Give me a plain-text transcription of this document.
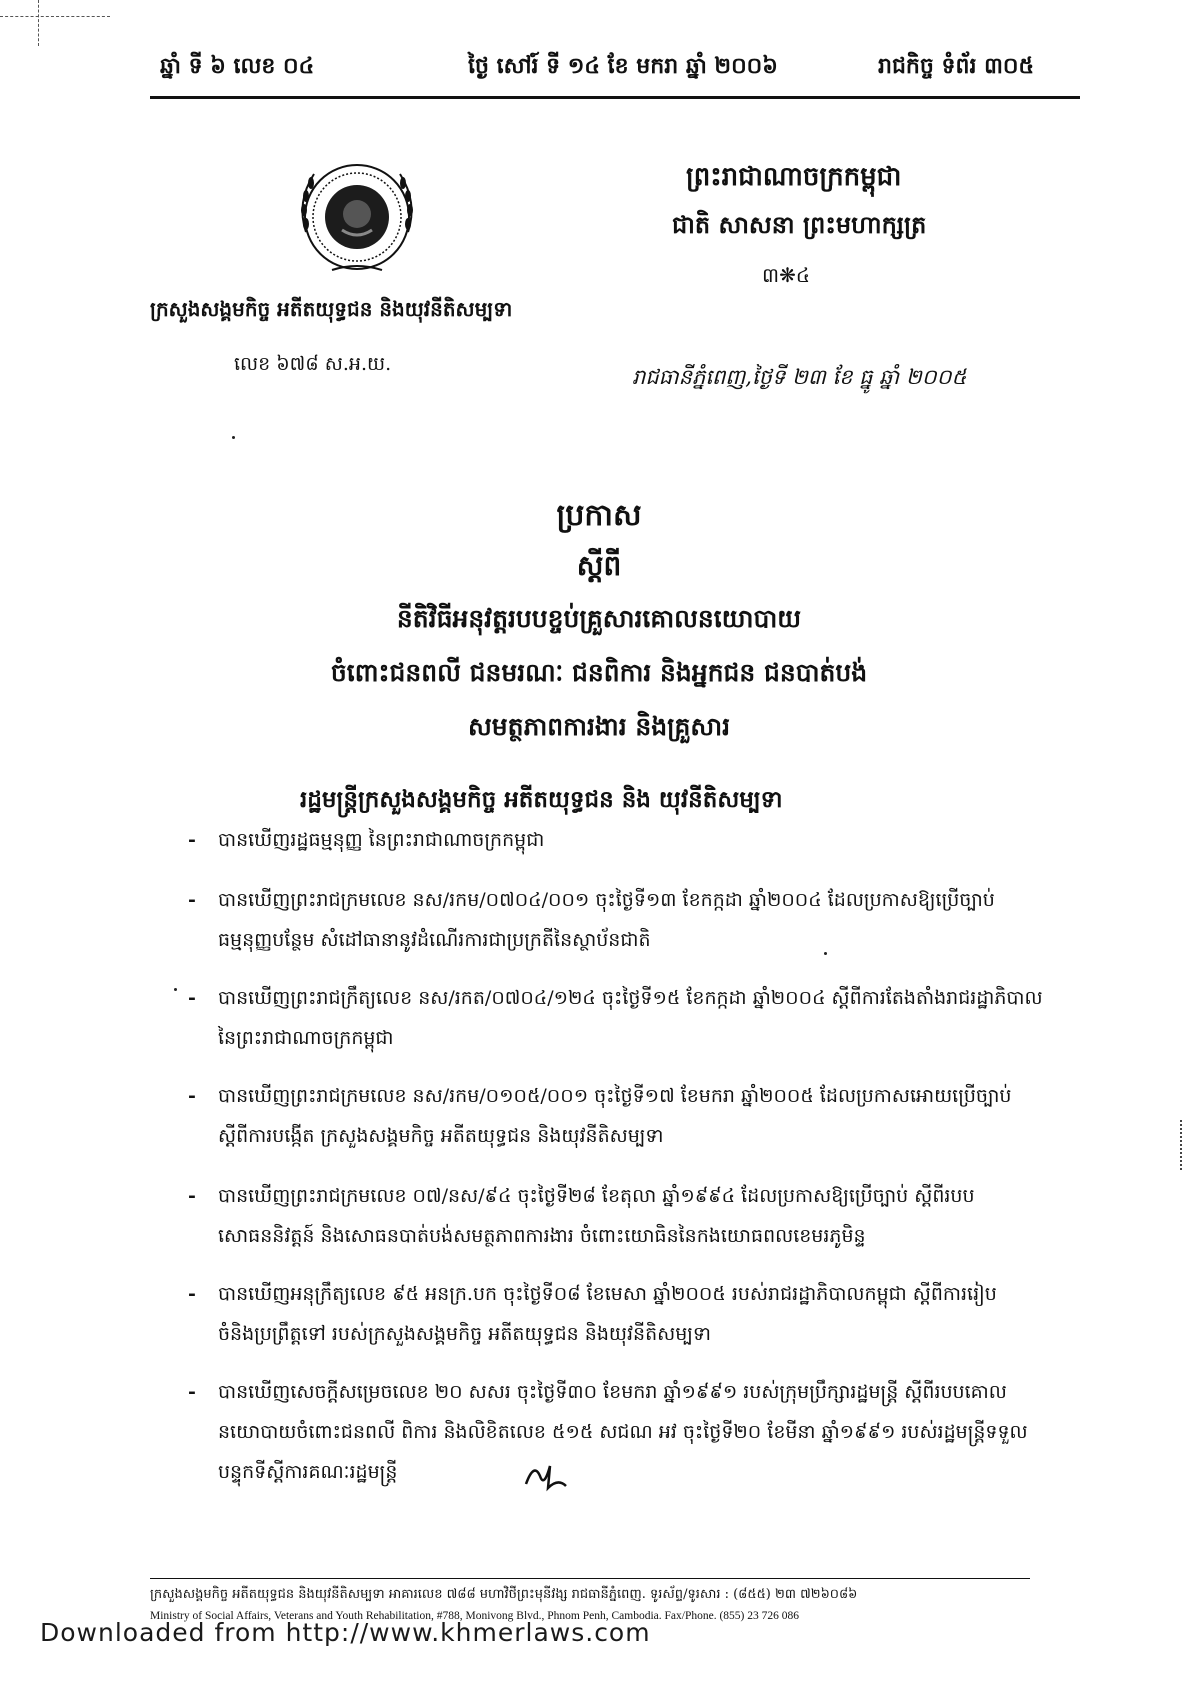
ឆ្នាំ ទី ៦ លេខ ០៤	ថ្ងៃ សៅរ៍ ទី ១៤ ខែ មករា ឆ្នាំ ២០០៦	រាជកិច្ច ទំព័រ ៣០៥
ក្រសួងសង្គមកិច្ច អតីតយុទ្ធជន និងយុវនីតិសម្បទា
លេខ ៦៧៨ ស.អ.យ.
ព្រះរាជាណាចក្រកម្ពុជា
ជាតិ សាសនា ព្រះមហាក្សត្រ
៣❋៤
រាជធានីភ្នំពេញ,ថ្ងៃទី ២៣ ខែ ធ្នូ ឆ្នាំ ២០០៥
ប្រកាស
ស្ដីពី
នីតិវិធីអនុវត្តរបបខ្ចប់គ្រួសារគោលនយោបាយ
ចំពោះជនពលី ជនមរណៈ ជនពិការ និងអ្នកជន ជនបាត់បង់
សមត្ថភាពការងារ និងគ្រួសារ
រដ្ឋមន្ត្រីក្រសួងសង្គមកិច្ច អតីតយុទ្ធជន និង យុវនីតិសម្បទា
- បានឃើញរដ្ឋធម្មនុញ្ញ នៃព្រះរាជាណាចក្រកម្ពុជា
- បានឃើញព្រះរាជក្រមលេខ នស/រកម/០៧០៤/០០១ ចុះថ្ងៃទី១៣ ខែកក្កដា ឆ្នាំ២០០៤ ដែលប្រកាសឱ្យប្រើច្បាប់
ធម្មនុញ្ញបន្ថែម សំដៅធានានូវដំណើរការជាប្រក្រតីនៃស្ថាប័នជាតិ
- បានឃើញព្រះរាជក្រឹត្យលេខ នស/រកត/០៧០៤/១២៤ ចុះថ្ងៃទី១៥ ខែកក្កដា ឆ្នាំ២០០៤ ស្ដីពីការតែងតាំងរាជរដ្ឋាភិបាល
នៃព្រះរាជាណាចក្រកម្ពុជា
- បានឃើញព្រះរាជក្រមលេខ នស/រកម/០១០៥/០០១ ចុះថ្ងៃទី១៧ ខែមករា ឆ្នាំ២០០៥ ដែលប្រកាសអោយប្រើច្បាប់
ស្ដីពីការបង្កើត ក្រសួងសង្គមកិច្ច អតីតយុទ្ធជន និងយុវនីតិសម្បទា
- បានឃើញព្រះរាជក្រមលេខ ០៧/នស/៩៤ ចុះថ្ងៃទី២៨ ខែតុលា ឆ្នាំ១៩៩៤ ដែលប្រកាសឱ្យប្រើច្បាប់ ស្ដីពីរបប
សោធននិវត្តន៍ និងសោធនបាត់បង់សមត្ថភាពការងារ ចំពោះយោធិននៃកងយោធពលខេមរភូមិន្ទ
- បានឃើញអនុក្រឹត្យលេខ ៩៥ អនក្រ.បក ចុះថ្ងៃទី០៨ ខែមេសា ឆ្នាំ២០០៥ របស់រាជរដ្ឋាភិបាលកម្ពុជា ស្ដីពីការរៀប
ចំនិងប្រព្រឹត្តទៅ របស់ក្រសួងសង្គមកិច្ច អតីតយុទ្ធជន និងយុវនីតិសម្បទា
- បានឃើញសេចក្ដីសម្រេចលេខ ២០ សសរ ចុះថ្ងៃទី៣០ ខែមករា ឆ្នាំ១៩៩១ របស់ក្រុមប្រឹក្សារដ្ឋមន្ត្រី ស្ដីពីរបបគោល
នយោបាយចំពោះជនពលី ពិការ និងលិខិតលេខ ៥១៥ សជណ អវ ចុះថ្ងៃទី២០ ខែមីនា ឆ្នាំ១៩៩១ របស់រដ្ឋមន្ត្រីទទួល
បន្ទុកទីស្ដីការគណៈរដ្ឋមន្ត្រី
ក្រសួងសង្គមកិច្ច អតីតយុទ្ធជន និងយុវនីតិសម្បទា អាគារលេខ ៧៨៨ មហាវិថីព្រះមុនីវង្ស រាជធានីភ្នំពេញ. ទូរស័ព្ទ/ទូរសារ : (៨៥៥) ២៣ ៧២៦០៨៦
Ministry of Social Affairs, Veterans and Youth Rehabilitation, #788, Monivong Blvd., Phnom Penh, Cambodia. Fax/Phone. (855) 23 726 086
Downloaded from http://www.khmerlaws.com
